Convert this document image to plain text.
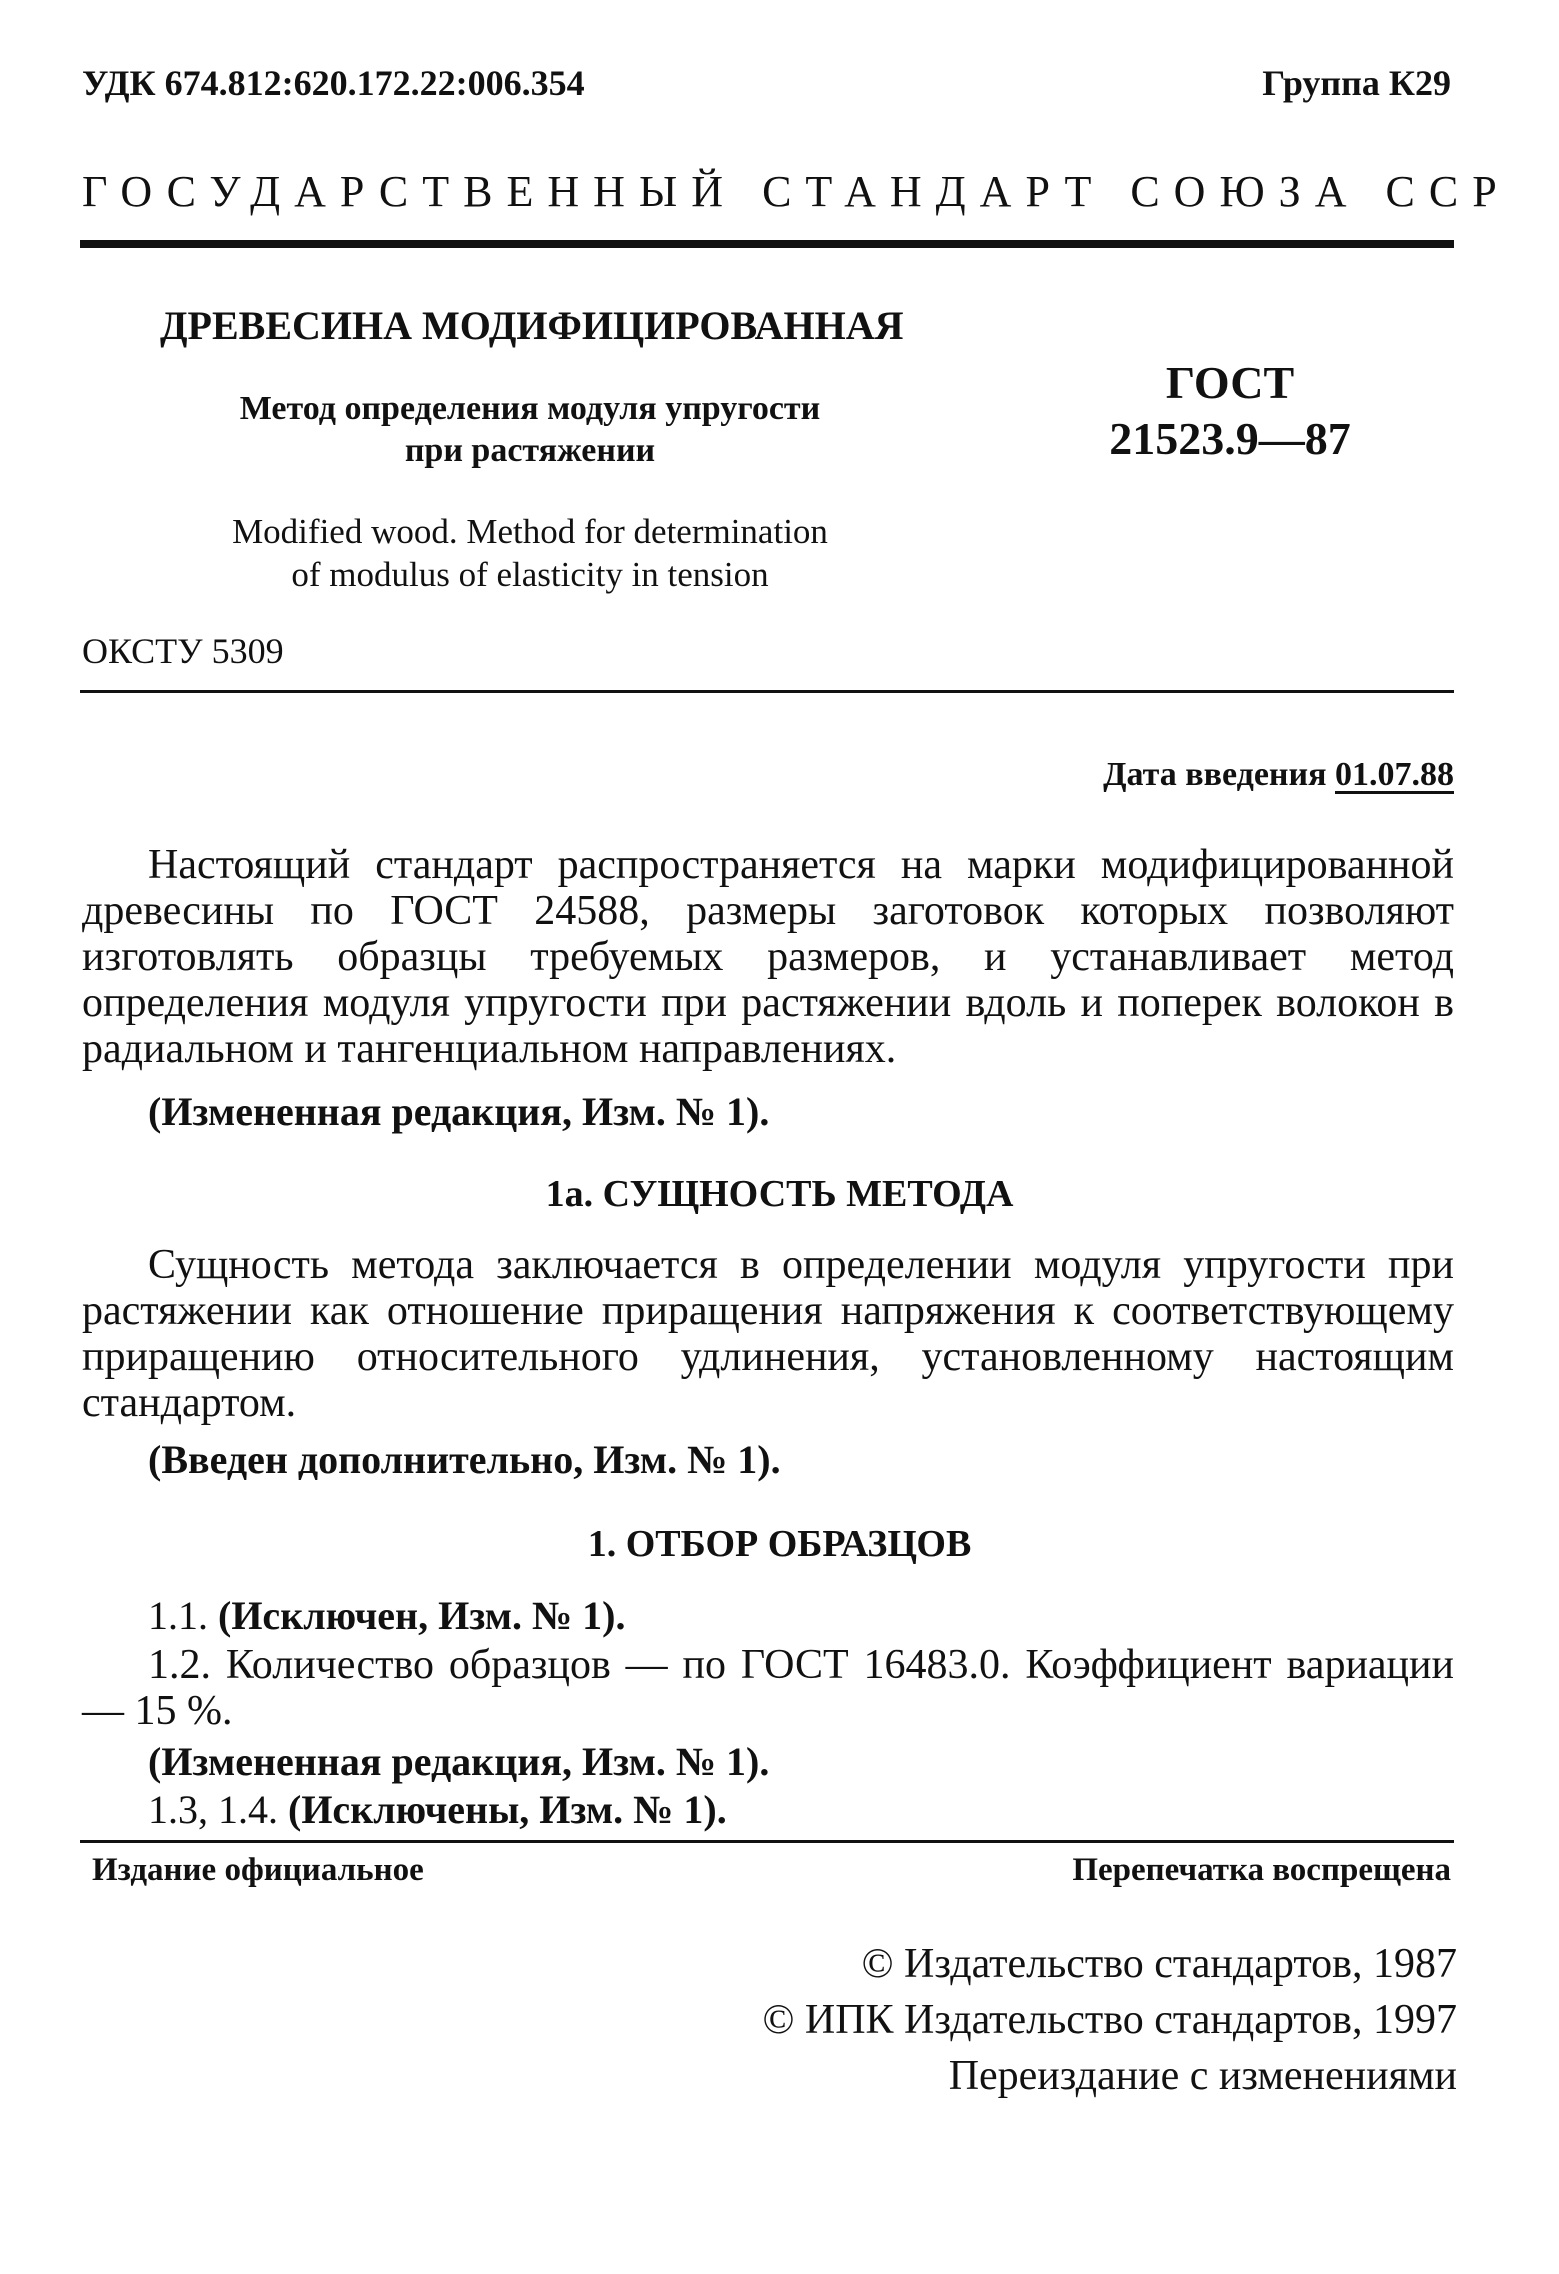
УДК 674.812:620.172.22:006.354	Группа К29
ГОСУДАРСТВЕННЫЙ СТАНДАРТ СОЮЗА ССР
ДРЕВЕСИНА МОДИФИЦИРОВАННАЯ
Метод определения модуля упругости
при растяжении
ГОСТ
21523.9—87
Modified wood. Method for determination
of modulus of elasticity in tension
ОКСТУ 5309
Дата введения 01.07.88
Настоящий стандарт распространяется на марки модифицированной древесины по ГОСТ 24588, размеры заготовок которых позволяют изготовлять образцы требуемых размеров, и устанавливает метод определения модуля упругости при растяжении вдоль и поперек волокон в радиальном и тангенциальном направлениях.
(Измененная редакция, Изм. № 1).
1а. СУЩНОСТЬ МЕТОДА
Сущность метода заключается в определении модуля упругости при растяжении как отношение приращения напряжения к соответствующему приращению относительного удлинения, установленному настоящим стандартом.
(Введен дополнительно, Изм. № 1).
1. ОТБОР ОБРАЗЦОВ
1.1. (Исключен, Изм. № 1).
1.2. Количество образцов — по ГОСТ 16483.0. Коэффициент вариации — 15 %.
(Измененная редакция, Изм. № 1).
1.3, 1.4. (Исключены, Изм. № 1).
Издание официальное	Перепечатка воспрещена
© Издательство стандартов, 1987
© ИПК Издательство стандартов, 1997
Переиздание с изменениями
